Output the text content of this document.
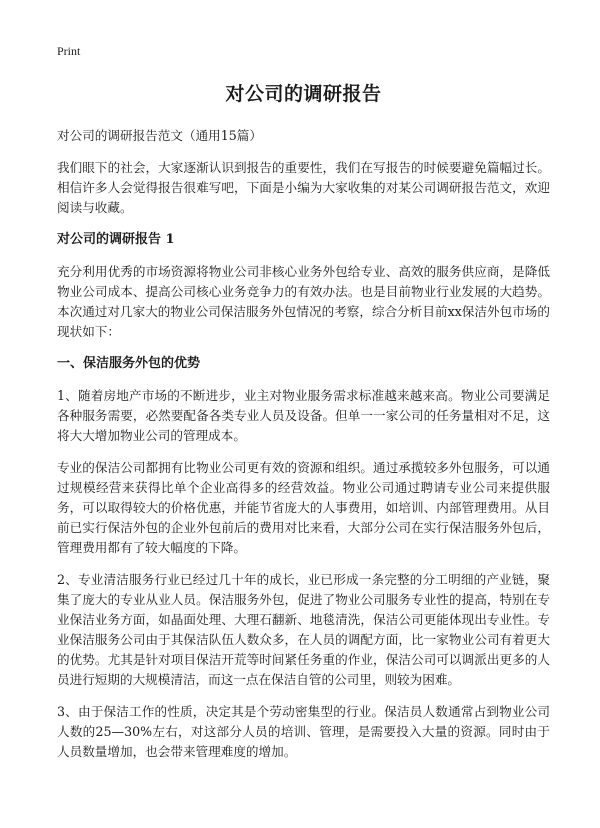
Print
对公司的调研报告
对公司的调研报告范文（通用15篇）

我们眼下的社会，大家逐渐认识到报告的重要性，我们在写报告的时候要避免篇幅过长。相信许多人会觉得报告很难写吧，下面是小编为大家收集的对某公司调研报告范文，欢迎阅读与收藏。

对公司的调研报告 1

充分利用优秀的市场资源将物业公司非核心业务外包给专业、高效的服务供应商，是降低物业公司成本、提高公司核心业务竞争力的有效办法。也是目前物业行业发展的大趋势。本次通过对几家大的物业公司保洁服务外包情况的考察，综合分析目前xx保洁外包市场的现状如下：

一、保洁服务外包的优势

1、随着房地产市场的不断进步，业主对物业服务需求标准越来越来高。物业公司要满足各种服务需要，必然要配备各类专业人员及设备。但单一一家公司的任务量相对不足，这将大大增加物业公司的管理成本。

专业的保洁公司都拥有比物业公司更有效的资源和组织。通过承揽较多外包服务，可以通过规模经营来获得比单个企业高得多的经营效益。物业公司通过聘请专业公司来提供服务，可以取得较大的价格优惠，并能节省庞大的人事费用，如培训、内部管理费用。从目前已实行保洁外包的企业外包前后的费用对比来看，大部分公司在实行保洁服务外包后，管理费用都有了较大幅度的下降。

2、专业清洁服务行业已经过几十年的成长，业已形成一条完整的分工明细的产业链，聚集了庞大的专业从业人员。保洁服务外包，促进了物业公司服务专业性的提高，特别在专业保洁业务方面，如晶面处理、大理石翻新、地毯清洗，保洁公司更能体现出专业性。专业保洁服务公司由于其保洁队伍人数众多，在人员的调配方面，比一家物业公司有着更大的优势。尤其是针对项目保洁开荒等时间紧任务重的作业，保洁公司可以调派出更多的人员进行短期的大规模清洁，而这一点在保洁自管的公司里，则较为困难。

3、由于保洁工作的性质，决定其是个劳动密集型的行业。保洁员人数通常占到物业公司人数的25—30%左右，对这部分人员的培训、管理，是需要投入大量的资源。同时由于人员数量增加，也会带来管理难度的增加。
